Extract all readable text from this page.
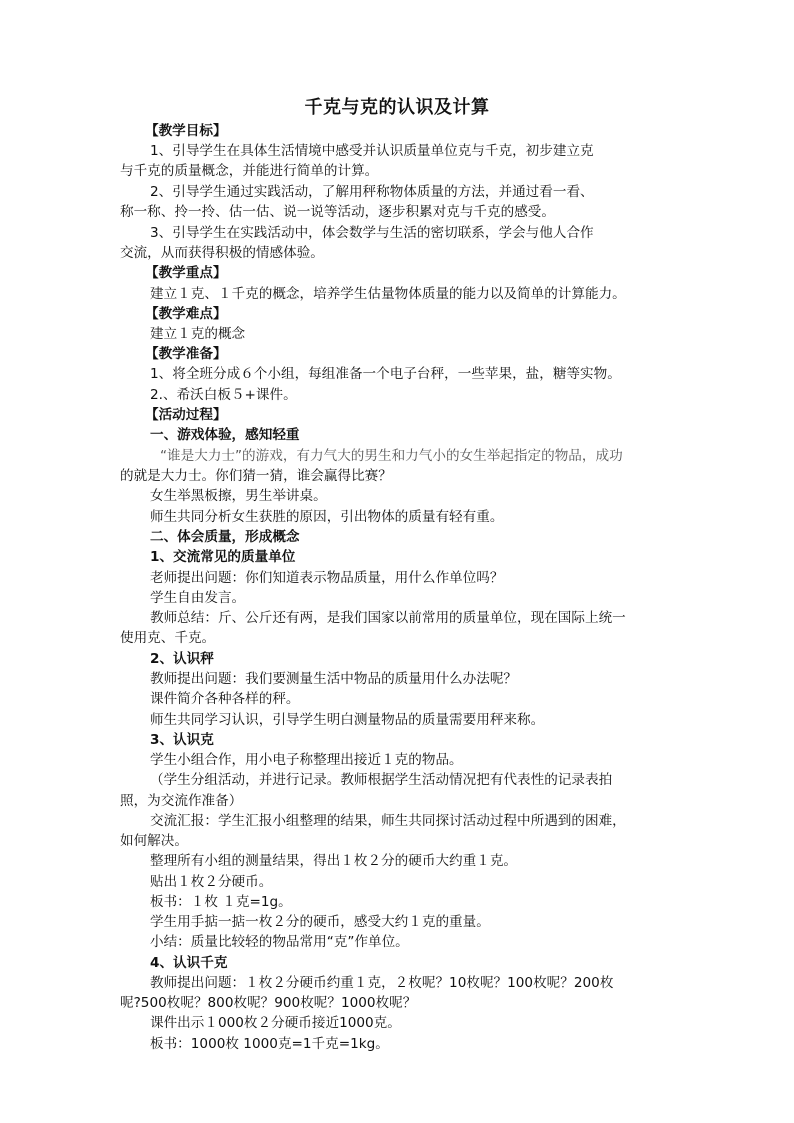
千克与克的认识及计算
【教学目标】
1、引导学生在具体生活情境中感受并认识质量单位克与千克，初步建立克
与千克的质量概念，并能进行简单的计算。
2、引导学生通过实践活动，了解用秤称物体质量的方法，并通过看一看、
称一称、拎一拎、估一估、说一说等活动，逐步积累对克与千克的感受。
3、引导学生在实践活动中，体会数学与生活的密切联系，学会与他人合作
交流，从而获得积极的情感体验。
【教学重点】
建立１克、１千克的概念，培养学生估量物体质量的能力以及简单的计算能力。
【教学难点】
建立１克的概念
【教学准备】
1、将全班分成６个小组，每组准备一个电子台秤，一些苹果，盐，糖等实物。
2.、希沃白板５+课件。
【活动过程】
一、游戏体验，感知轻重
“谁是大力士”的游戏，有力气大的男生和力气小的女生举起指定的物品，成功
的就是大力士。你们猜一猜，谁会赢得比赛？
女生举黑板擦，男生举讲桌。
师生共同分析女生获胜的原因，引出物体的质量有轻有重。
二、体会质量，形成概念
1、交流常见的质量单位
老师提出问题：你们知道表示物品质量，用什么作单位吗？
学生自由发言。
教师总结：斤、公斤还有两，是我们国家以前常用的质量单位，现在国际上统一
使用克、千克。
2、认识秤
教师提出问题：我们要测量生活中物品的质量用什么办法呢？
课件简介各种各样的秤。
师生共同学习认识，引导学生明白测量物品的质量需要用秤来称。
3、认识克
学生小组合作，用小电子称整理出接近１克的物品。
（学生分组活动，并进行记录。教师根据学生活动情况把有代表性的记录表拍
照，为交流作准备）
交流汇报：学生汇报小组整理的结果，师生共同探讨活动过程中所遇到的困难，
如何解决。
整理所有小组的测量结果，得出１枚２分的硬币大约重１克。
贴出１枚２分硬币。
板书：１枚 １克=1g。
学生用手掂一掂一枚２分的硬币，感受大约１克的重量。
小结：质量比较轻的物品常用“克”作单位。
4、认识千克
教师提出问题：１枚２分硬币约重１克，２枚呢？10枚呢？100枚呢？200枚
呢?500枚呢？800枚呢？900枚呢？1000枚呢？
课件出示１000枚２分硬币接近1000克。
板书：1000枚 1000克=1千克=1kg。
